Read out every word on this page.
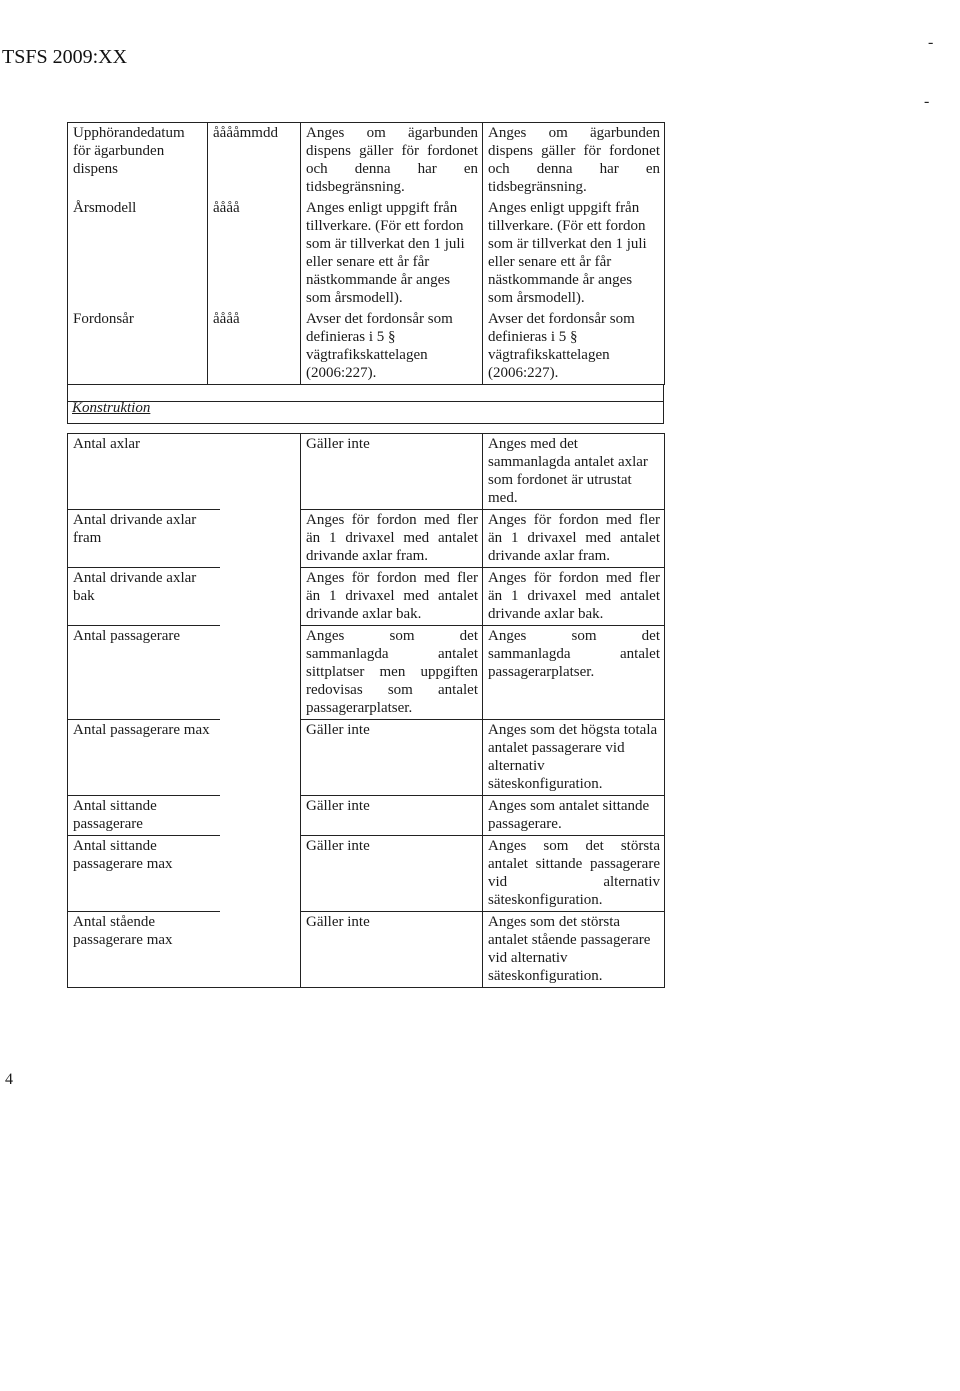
TSFS 2009:XX
-
-
Upphörandedatum för ägarbunden dispens	ååååmmdd	Anges om ägarbunden dispens gäller för fordonet och denna har en tidsbegränsning.	Anges om ägarbunden dispens gäller för fordonet och denna har en tidsbegränsning.
Årsmodell	åååå	Anges enligt uppgift från tillverkare. (För ett fordon som är tillverkat den 1 juli eller senare ett år får nästkommande år anges som årsmodell).	Anges enligt uppgift från tillverkare. (För ett fordon som är tillverkat den 1 juli eller senare ett år får nästkommande år anges som årsmodell).
Fordonsår	åååå	Avser det fordonsår som definieras i 5 § vägtrafikskattelagen (2006:227).	Avser det fordonsår som definieras i 5 § vägtrafikskattelagen (2006:227).
Konstruktion
Antal axlar		Gäller inte	Anges med det sammanlagda antalet axlar som fordonet är utrustat med.
Antal drivande axlar fram		Anges för fordon med fler än 1 drivaxel med antalet drivande axlar fram.	Anges för fordon med fler än 1 drivaxel med antalet drivande axlar fram.
Antal drivande axlar bak		Anges för fordon med fler än 1 drivaxel med antalet drivande axlar bak.	Anges för fordon med fler än 1 drivaxel med antalet drivande axlar bak.
Antal passagerare		Anges som det sammanlagda antalet sittplatser men uppgiften redovisas som antalet passagerarplatser.	Anges som det sammanlagda antalet passagerarplatser.
Antal passagerare max		Gäller inte	Anges som det högsta totala antalet passagerare vid alternativ säteskonfiguration.
Antal sittande passagerare		Gäller inte	Anges som antalet sittande passagerare.
Antal sittande passagerare max		Gäller inte	Anges som det största antalet sittande passagerare vid alternativ säteskonfiguration.
Antal stående passagerare max		Gäller inte	Anges som det största antalet stående passagerare vid alternativ säteskonfiguration.
4
